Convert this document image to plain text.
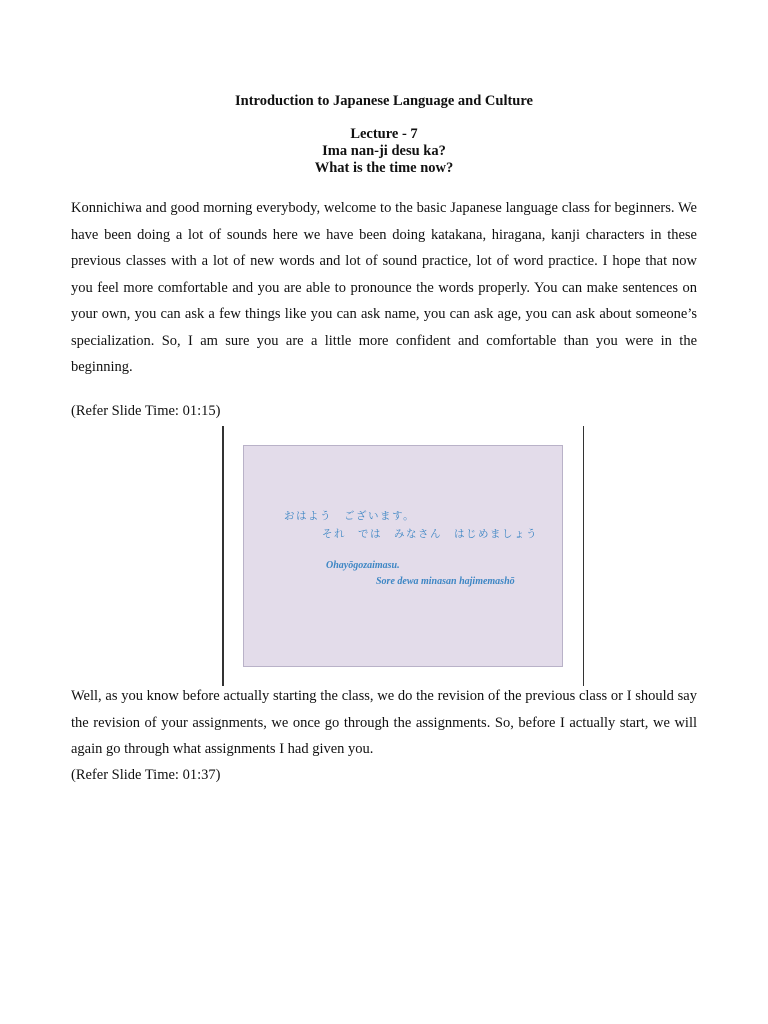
Introduction to Japanese Language and Culture
Lecture - 7
Ima nan-ji desu ka?
What is the time now?

Konnichiwa and good morning everybody, welcome to the basic Japanese language class for beginners. We have been doing a lot of sounds here we have been doing katakana, hiragana, kanji characters in these previous classes with a lot of new words and lot of sound practice, lot of word practice. I hope that now you feel more comfortable and you are able to pronounce the words properly. You can make sentences on your own, you can ask a few things like you can ask name, you can ask age, you can ask about someone’s specialization. So, I am sure you are a little more confident and comfortable than you were in the beginning.

(Refer Slide Time: 01:15)

おはよう　ございます。
それ　では　みなさん　はじめましょう
Ohayōgozaimasu.
Sore dewa minasan hajimemashō

Well, as you know before actually starting the class, we do the revision of the previous class or I should say the revision of your assignments, we once go through the assignments. So, before I actually start, we will again go through what assignments I had given you.

(Refer Slide Time: 01:37)
